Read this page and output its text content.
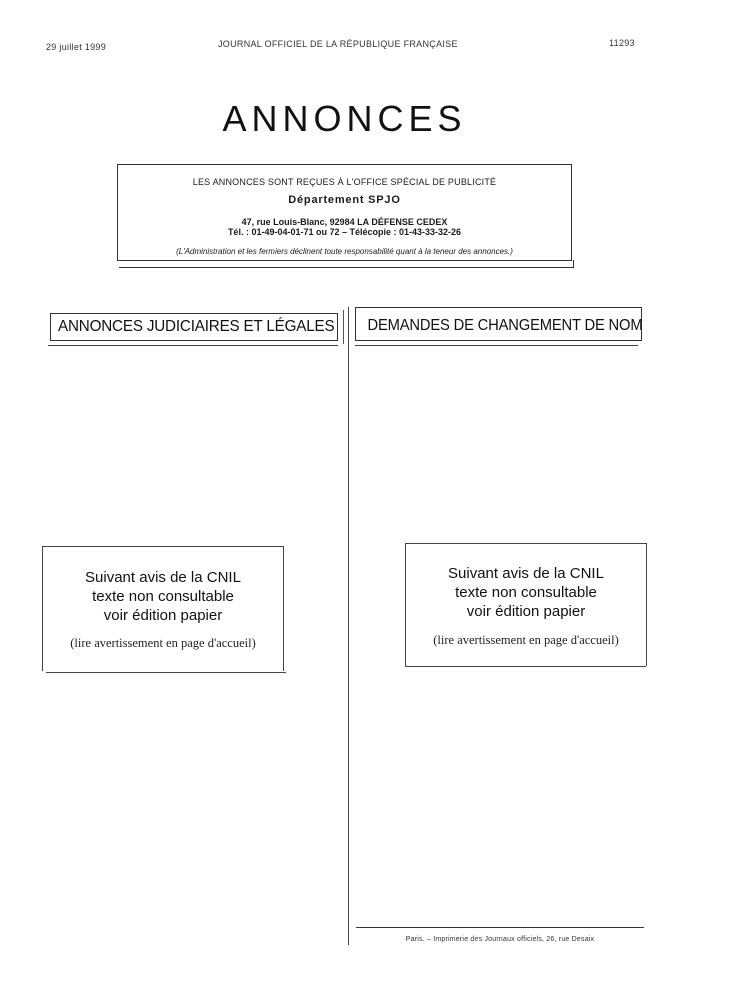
29 juillet 1999	JOURNAL OFFICIEL DE LA RÉPUBLIQUE FRANÇAISE	11293
ANNONCES
LES ANNONCES SONT REÇUES À L'OFFICE SPÉCIAL DE PUBLICITÉ
Département SPJO
47, rue Louis-Blanc, 92984 LA DÉFENSE CEDEX
Tél. : 01-49-04-01-71 ou 72 – Télécopie : 01-43-33-32-26
(L'Administration et les fermiers déclinent toute responsabilité quant à la teneur des annonces.)
ANNONCES JUDICIAIRES ET LÉGALES	DEMANDES DE CHANGEMENT DE NOM
Suivant avis de la CNIL
texte non consultable
voir édition papier
(lire avertissement en page d'accueil)
Suivant avis de la CNIL
texte non consultable
voir édition papier
(lire avertissement en page d'accueil)
Paris. – Imprimerie des Journaux officiels, 26, rue Desaix
